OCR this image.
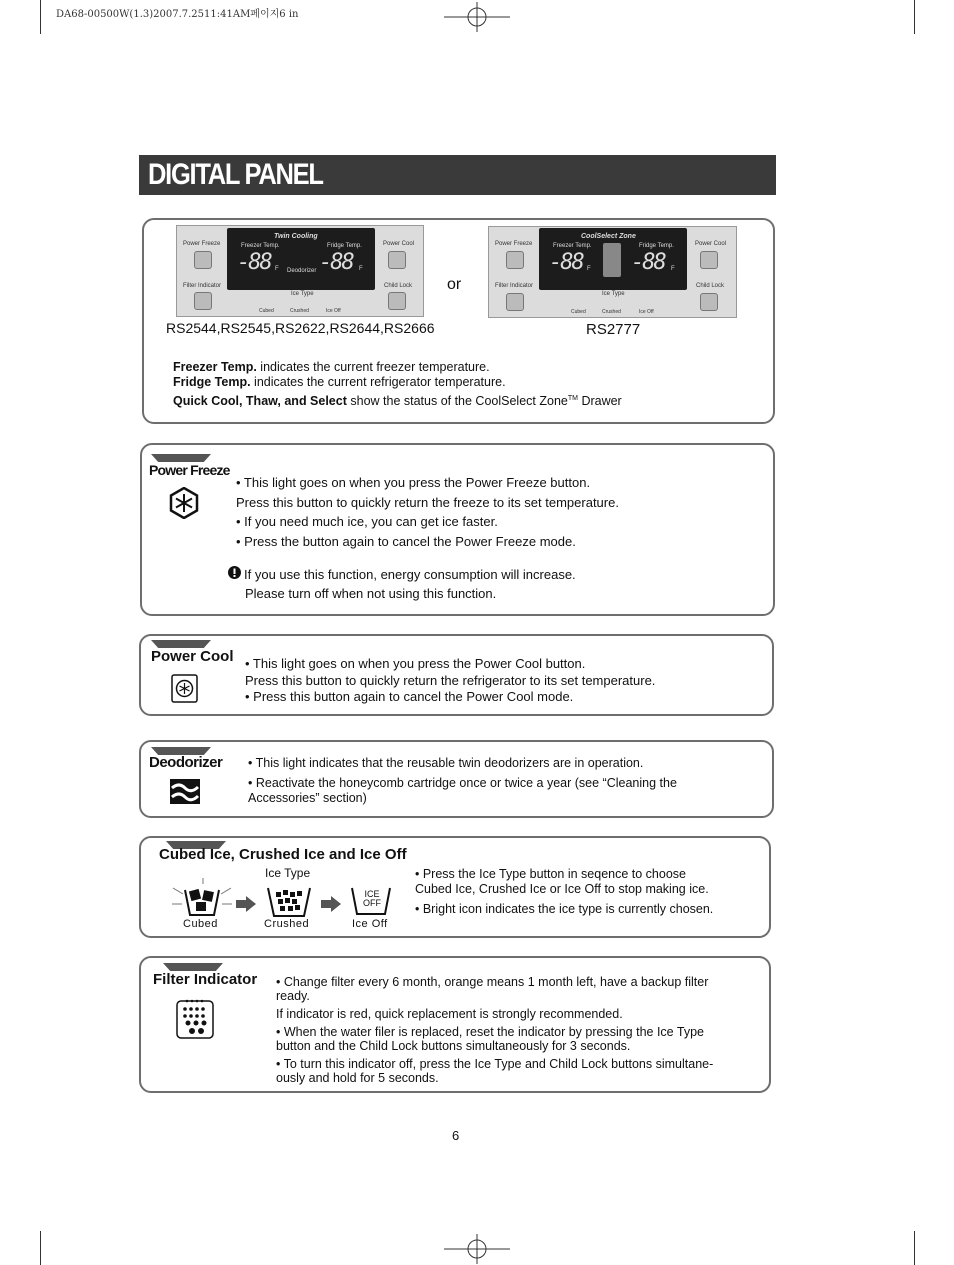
DA68-00500W(1.3)2007.7.2511:41AM페이지6 in
DIGITAL PANEL
Power Freeze
Filter Indicator
Twin Cooling
Freezer Temp.	Fridge Temp.
-88 F -88 F
Deodorizer
Power Cool
Child Lock
Ice Type
Cubed	Crushed	Ice Off
RS2544,RS2545,RS2622,RS2644,RS2666
or
Power Freeze
Filter Indicator
CoolSelect Zone
Freezer Temp.	Fridge Temp.
-88 F -88 F
Power Cool
Child Lock
Ice Type
Cubed	Crushed	Ice Off
RS2777
Freezer Temp. indicates the current freezer temperature.
Fridge Temp. indicates the current refrigerator temperature.
Quick Cool, Thaw, and Select show the status of the CoolSelect Zone™ Drawer
Power Freeze
• This light goes on when you press the Power Freeze button.
Press this button to quickly return the freeze to its set temperature.
• If you need much ice, you can get ice faster.
• Press the button again to cancel the Power Freeze mode.
If you use this function, energy consumption will increase.
Please turn off when not using this function.
Power Cool • This light goes on when you press the Power Cool button.
Press this button to quickly return the refrigerator to its set temperature.
• Press this button again to cancel the Power Cool mode.
Deodorizer • This light indicates that the reusable twin deodorizers are in operation.
• Reactivate the honeycomb cartridge once or twice a year (see “Cleaning the
Accessories” section)
Cubed Ice, Crushed Ice and Ice Off
Ice Type
ICE
OFF
Cubed	Crushed	Ice Off
• Press the Ice Type button in seqence to choose
Cubed Ice, Crushed Ice or Ice Off to stop making ice.
• Bright icon indicates the ice type is currently chosen.
Filter Indicator • Change filter every 6 month, orange means 1 month left, have a backup filter
ready.
If indicator is red, quick replacement is strongly recommended.
• When the water filer is replaced, reset the indicator by pressing the Ice Type
button and the Child Lock buttons simultaneously for 3 seconds.
• To turn this indicator off, press the Ice Type and Child Lock buttons simultane-
ously and hold for 5 seconds.
6
